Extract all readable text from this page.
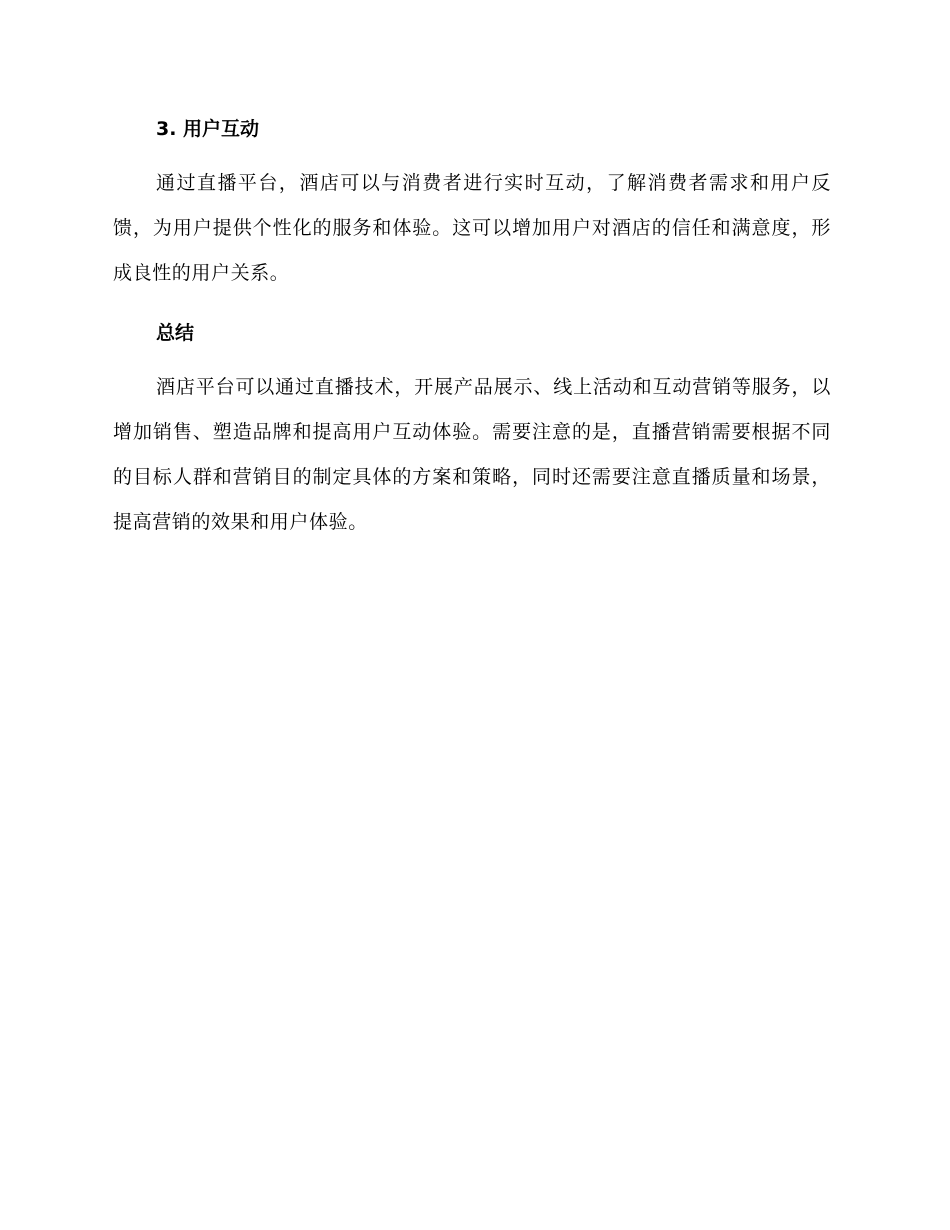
3. 用户互动

通过直播平台，酒店可以与消费者进行实时互动，了解消费者需求和用户反馈，为用户提供个性化的服务和体验。这可以增加用户对酒店的信任和满意度，形成良性的用户关系。

总结

酒店平台可以通过直播技术，开展产品展示、线上活动和互动营销等服务，以增加销售、塑造品牌和提高用户互动体验。需要注意的是，直播营销需要根据不同的目标人群和营销目的制定具体的方案和策略，同时还需要注意直播质量和场景，提高营销的效果和用户体验。
